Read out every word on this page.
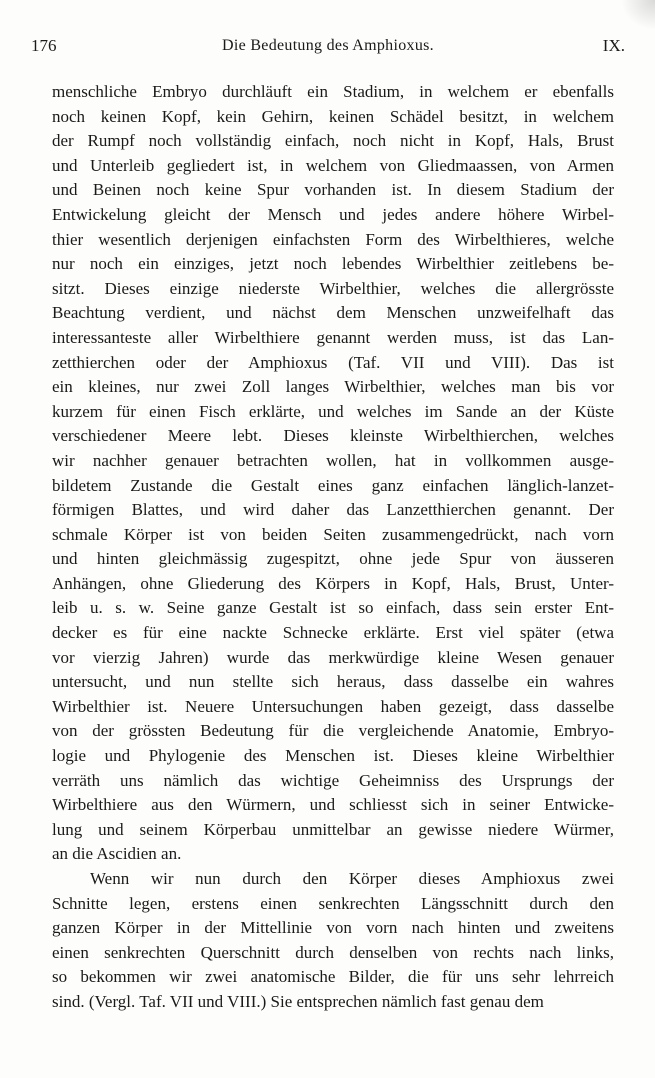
176	Die Bedeutung des Amphioxus.	IX.
menschliche Embryo durchläuft ein Stadium, in welchem er ebenfalls
noch keinen Kopf, kein Gehirn, keinen Schädel besitzt, in welchem
der Rumpf noch vollständig einfach, noch nicht in Kopf, Hals, Brust
und Unterleib gegliedert ist, in welchem von Gliedmaassen, von Armen
und Beinen noch keine Spur vorhanden ist. In diesem Stadium der
Entwickelung gleicht der Mensch und jedes andere höhere Wirbel-
thier wesentlich derjenigen einfachsten Form des Wirbelthieres, welche
nur noch ein einziges, jetzt noch lebendes Wirbelthier zeitlebens be-
sitzt. Dieses einzige niederste Wirbelthier, welches die allergrösste
Beachtung verdient, und nächst dem Menschen unzweifelhaft das
interessanteste aller Wirbelthiere genannt werden muss, ist das Lan-
zetthierchen oder der Amphioxus (Taf. VII und VIII). Das ist
ein kleines, nur zwei Zoll langes Wirbelthier, welches man bis vor
kurzem für einen Fisch erklärte, und welches im Sande an der Küste
verschiedener Meere lebt. Dieses kleinste Wirbelthierchen, welches
wir nachher genauer betrachten wollen, hat in vollkommen ausge-
bildetem Zustande die Gestalt eines ganz einfachen länglich-lanzet-
förmigen Blattes, und wird daher das Lanzetthierchen genannt. Der
schmale Körper ist von beiden Seiten zusammengedrückt, nach vorn
und hinten gleichmässig zugespitzt, ohne jede Spur von äusseren
Anhängen, ohne Gliederung des Körpers in Kopf, Hals, Brust, Unter-
leib u. s. w. Seine ganze Gestalt ist so einfach, dass sein erster Ent-
decker es für eine nackte Schnecke erklärte. Erst viel später (etwa
vor vierzig Jahren) wurde das merkwürdige kleine Wesen genauer
untersucht, und nun stellte sich heraus, dass dasselbe ein wahres
Wirbelthier ist. Neuere Untersuchungen haben gezeigt, dass dasselbe
von der grössten Bedeutung für die vergleichende Anatomie, Embryo-
logie und Phylogenie des Menschen ist. Dieses kleine Wirbelthier
verräth uns nämlich das wichtige Geheimniss des Ursprungs der
Wirbelthiere aus den Würmern, und schliesst sich in seiner Entwicke-
lung und seinem Körperbau unmittelbar an gewisse niedere Würmer,
an die Ascidien an.
Wenn wir nun durch den Körper dieses Amphioxus zwei
Schnitte legen, erstens einen senkrechten Längsschnitt durch den
ganzen Körper in der Mittellinie von vorn nach hinten und zweitens
einen senkrechten Querschnitt durch denselben von rechts nach links,
so bekommen wir zwei anatomische Bilder, die für uns sehr lehrreich
sind. (Vergl. Taf. VII und VIII.) Sie entsprechen nämlich fast genau dem
